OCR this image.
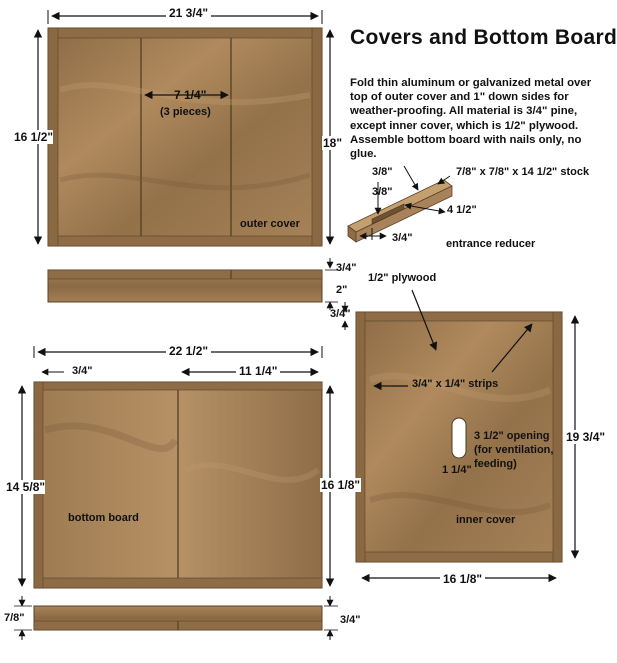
Covers and Bottom Board
Fold thin aluminum or galvanized metal over top of outer cover and 1" down sides for weather-proofing. All material is 3/4" pine, except inner cover, which is 1/2" plywood. Assemble bottom board with nails only, no glue.
21 3/4"
16 1/2"	18"
7 1/4"
(3 pieces)
outer cover
3/4"
2"
3/8"
3/8"
7/8" x 7/8" x 14 1/2" stock
4 1/2"
3/4"	entrance reducer
22 1/2"
3/4"	11 1/4"
14 5/8"	16 1/8"
bottom board
7/8"	3/4"
1/2" plywood
3/4" x 1/4" strips
3 1/2" opening
(for ventilation,
feeding)
1 1/4"
inner cover
16 1/8"
19 3/4"
3/4"
